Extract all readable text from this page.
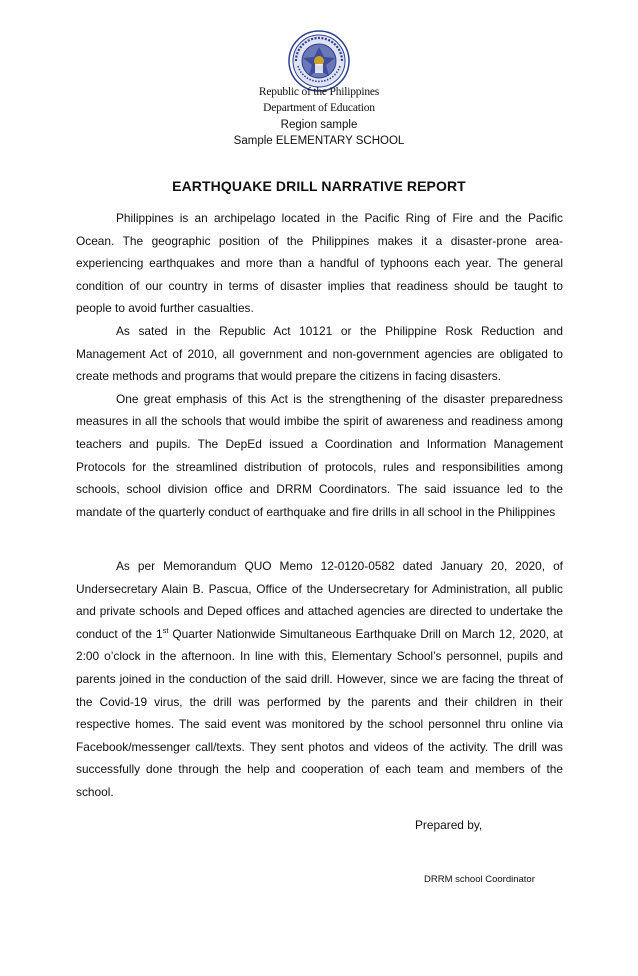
Republic of the Philippines
Department of Education
Region sample
Sample ELEMENTARY SCHOOL
EARTHQUAKE DRILL NARRATIVE REPORT

Philippines is an archipelago located in the Pacific Ring of Fire and the Pacific Ocean. The geographic position of the Philippines makes it a disaster-prone area-experiencing earthquakes and more than a handful of typhoons each year. The general condition of our country in terms of disaster implies that readiness should be taught to people to avoid further casualties.

As sated in the Republic Act 10121 or the Philippine Rosk Reduction and Management Act of 2010, all government and non-government agencies are obligated to create methods and programs that would prepare the citizens in facing disasters.

One great emphasis of this Act is the strengthening of the disaster preparedness measures in all the schools that would imbibe the spirit of awareness and readiness among teachers and pupils. The DepEd issued a Coordination and Information Management Protocols for the streamlined distribution of protocols, rules and responsibilities among schools, school division office and DRRM Coordinators. The said issuance led to the mandate of the quarterly conduct of earthquake and fire drills in all school in the Philippines

As per Memorandum QUO Memo 12-0120-0582 dated January 20, 2020, of Undersecretary Alain B. Pascua, Office of the Undersecretary for Administration, all public and private schools and Deped offices and attached agencies are directed to undertake the conduct of the 1st Quarter Nationwide Simultaneous Earthquake Drill on March 12, 2020, at 2:00 o’clock in the afternoon. In line with this, Elementary School’s personnel, pupils and parents joined in the conduction of the said drill. However, since we are facing the threat of the Covid-19 virus, the drill was performed by the parents and their children in their respective homes. The said event was monitored by the school personnel thru online via Facebook/messenger call/texts. They sent photos and videos of the activity. The drill was successfully done through the help and cooperation of each team and members of the school.

Prepared by,
DRRM school Coordinator
